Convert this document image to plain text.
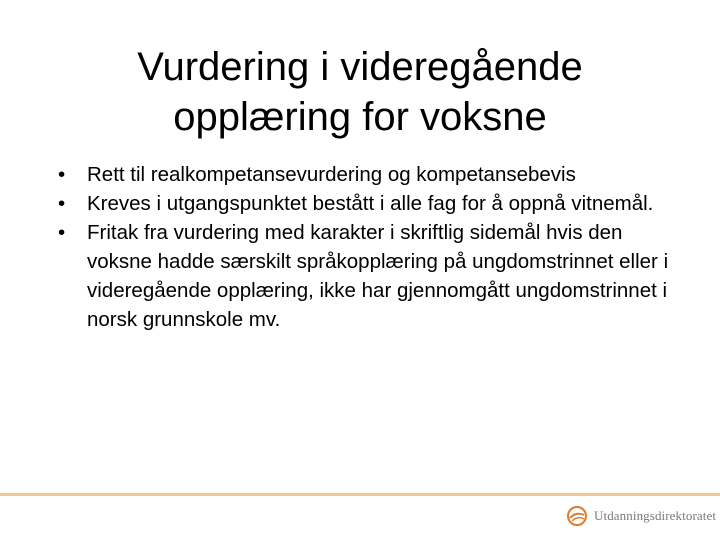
Vurdering i videregående
opplæring for voksne
• Rett til realkompetansevurdering og kompetansebevis
• Kreves i utgangspunktet bestått i alle fag for å oppnå vitnemål.
• Fritak fra vurdering med karakter i skriftlig sidemål hvis den voksne hadde særskilt språkopplæring på ungdomstrinnet eller i videregående opplæring, ikke har gjennomgått ungdomstrinnet i norsk grunnskole mv.
Utdanningsdirektoratet
